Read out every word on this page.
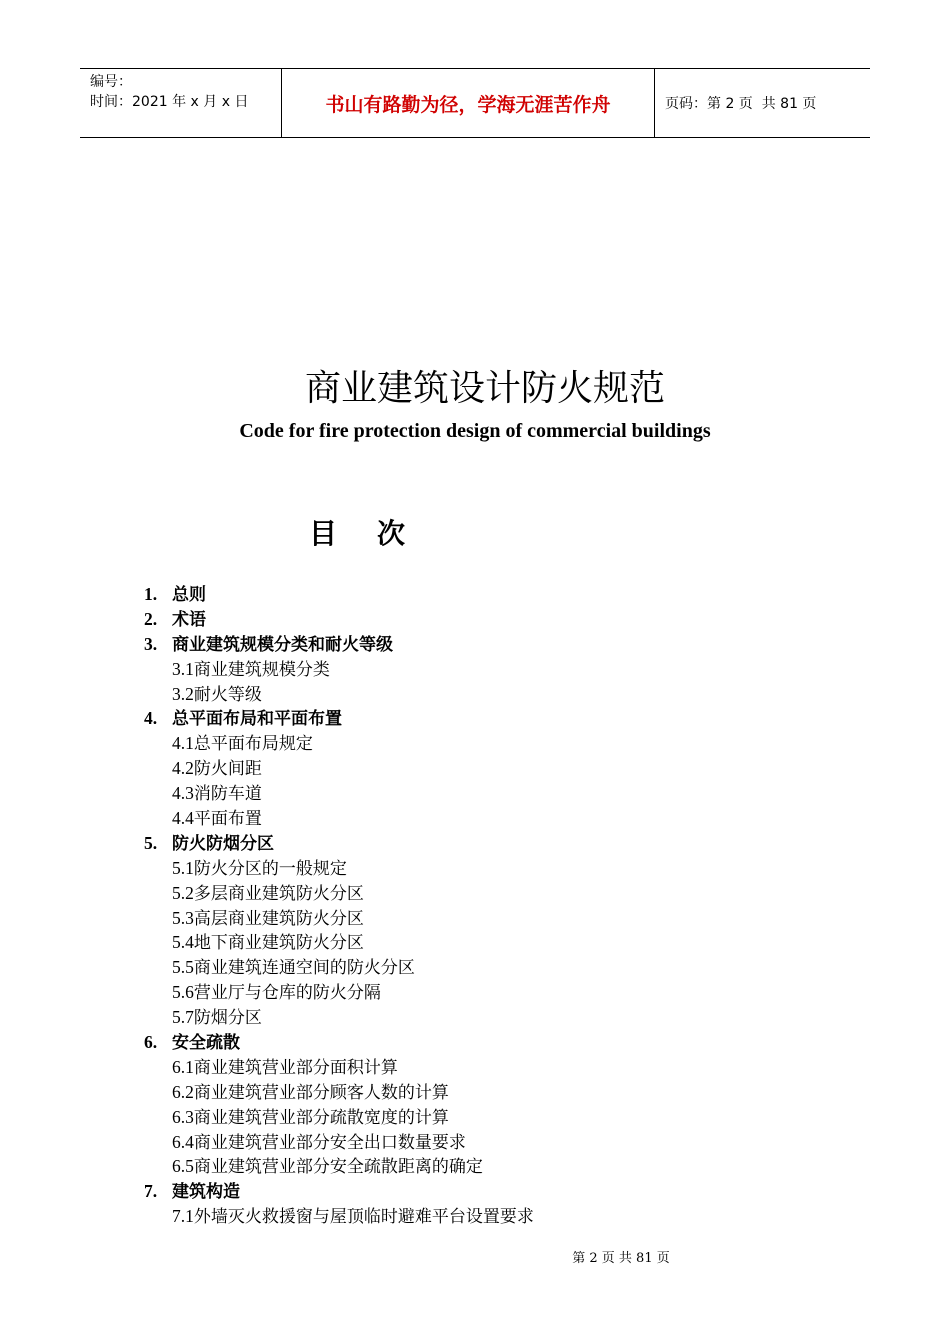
编号：
时间：2021 年 x 月 x 日	书山有路勤为径，学海无涯苦作舟	页码：第 2 页  共 81 页
商业建筑设计防火规范
Code for fire protection design of commercial buildings
目次
1. 总则
2. 术语
3. 商业建筑规模分类和耐火等级
3.1商业建筑规模分类
3.2耐火等级
4. 总平面布局和平面布置
4.1总平面布局规定
4.2防火间距
4.3消防车道
4.4平面布置
5. 防火防烟分区
5.1防火分区的一般规定
5.2多层商业建筑防火分区
5.3高层商业建筑防火分区
5.4地下商业建筑防火分区
5.5商业建筑连通空间的防火分区
5.6营业厅与仓库的防火分隔
5.7防烟分区
6. 安全疏散
6.1商业建筑营业部分面积计算
6.2商业建筑营业部分顾客人数的计算
6.3商业建筑营业部分疏散宽度的计算
6.4商业建筑营业部分安全出口数量要求
6.5商业建筑营业部分安全疏散距离的确定
7. 建筑构造
7.1外墙灭火救援窗与屋顶临时避难平台设置要求
第 2 页 共 81 页
